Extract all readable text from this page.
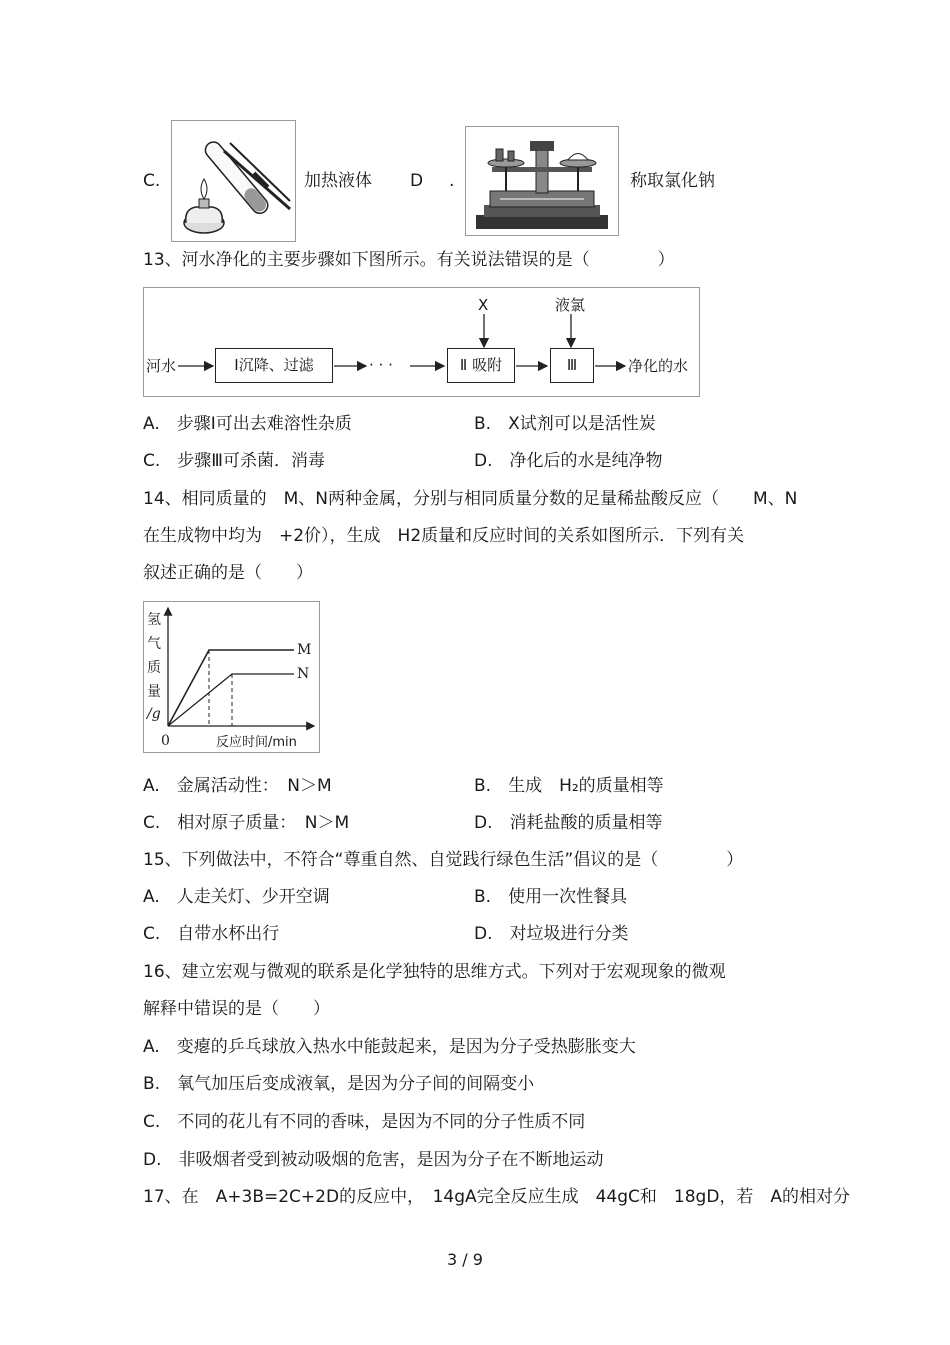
C.	加热液体 D .	称取氯化钠
13、河水净化的主要步骤如下图所示。有关说法错误的是（　　　　）
河水	Ⅰ沉降、过滤	· · ·	Ⅱ 吸附	Ⅲ	净化的水
X	液氯
A.　 步骤Ⅰ可出去难溶性杂质	B.　 X试剂可以是活性炭
C.　 步骤Ⅲ可杀菌．消毒	D.　 净化后的水是纯净物
14、相同质量的　M、N两种金属，分别与相同质量分数的足量稀盐酸反应（　　M、N
在生成物中均为　+2价），生成　H2质量和反应时间的关系如图所示．下列有关
叙述正确的是（　　）
氢
气
质
量
/g
0	反应时间/min
M
N
A.　 金属活动性：　N＞M	B.　 生成　H₂的质量相等
C.　 相对原子质量：　N＞M	D.　 消耗盐酸的质量相等
15、下列做法中，不符合“尊重自然、自觉践行绿色生活”倡议的是（　　　　）
A.　 人走关灯、少开空调	B.　 使用一次性餐具
C.　 自带水杯出行	D.　 对垃圾进行分类
16、建立宏观与微观的联系是化学独特的思维方式。下列对于宏观现象的微观
解释中错误的是（　　）
A.　 变瘪的乒乓球放入热水中能鼓起来，是因为分子受热膨胀变大
B.　 氧气加压后变成液氧，是因为分子间的间隔变小
C.　 不同的花儿有不同的香味，是因为不同的分子性质不同
D.　 非吸烟者受到被动吸烟的危害，是因为分子在不断地运动
17、在　A+3B=2C+2D的反应中，　14gA完全反应生成　44gC和　18gD，若　A的相对分
3 / 9
